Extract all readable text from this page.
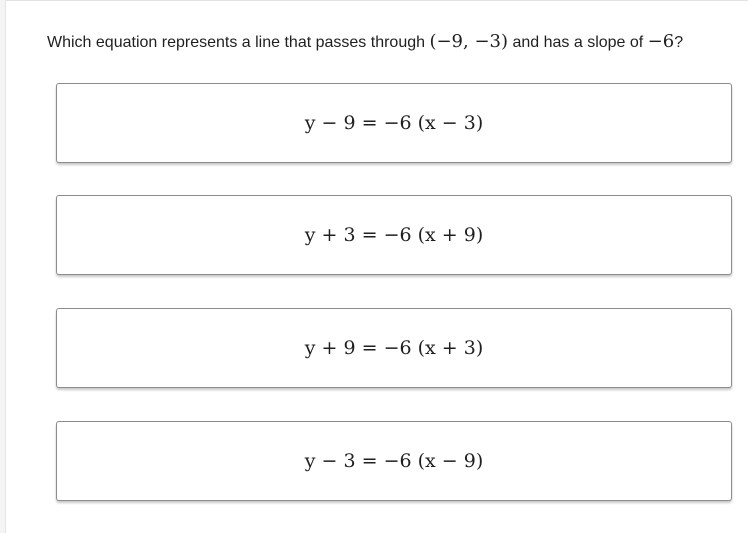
Which equation represents a line that passes through (−9, −3) and has a slope of −6?
y − 9 = −6 (x − 3)
y + 3 = −6 (x + 9)
y + 9 = −6 (x + 3)
y − 3 = −6 (x − 9)
